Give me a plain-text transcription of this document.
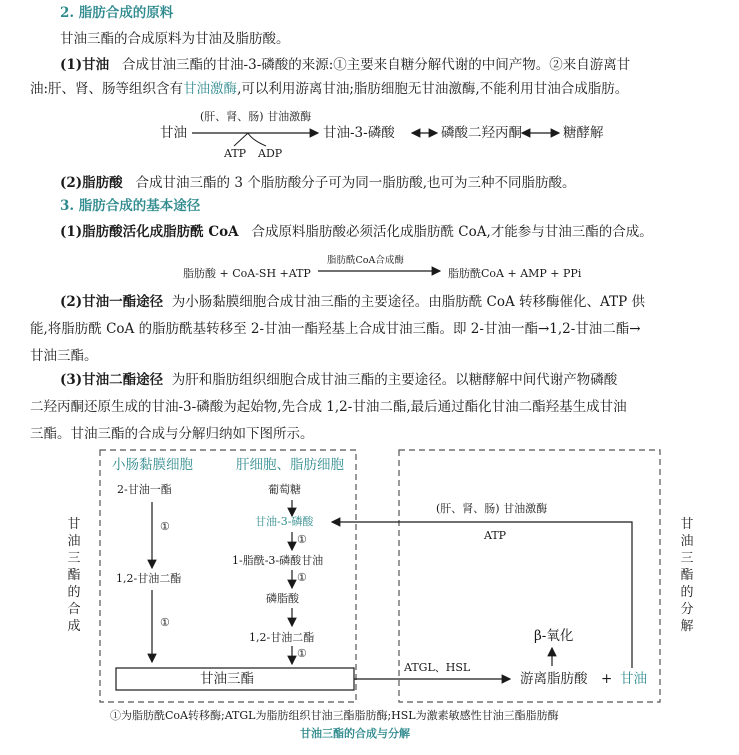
2. 脂肪合成的原料
甘油三酯的合成原料为甘油及脂肪酸。
(1)甘油 合成甘油三酯的甘油-3-磷酸的来源:①主要来自糖分解代谢的中间产物。②来自游离甘
油:肝、肾、肠等组织含有甘油激酶,可以利用游离甘油;脂肪细胞无甘油激酶,不能利用甘油合成脂肪。
甘油
(肝、肾、肠) 甘油激酶
ATP ADP
甘油-3-磷酸	磷酸二羟丙酮	糖酵解
(2)脂肪酸 合成甘油三酯的 3 个脂肪酸分子可为同一脂肪酸,也可为三种不同脂肪酸。
3. 脂肪合成的基本途径
(1)脂肪酸活化成脂肪酰 CoA 合成原料脂肪酸必须活化成脂肪酰 CoA,才能参与甘油三酯的合成。
脂肪酸 + CoA-SH +ATP
脂肪酰CoA合成酶
脂肪酰CoA + AMP + PPi
(2)甘油一酯途径 为小肠黏膜细胞合成甘油三酯的主要途径。由脂肪酰 CoA 转移酶催化、ATP 供
能,将脂肪酰 CoA 的脂肪酰基转移至 2-甘油一酯羟基上合成甘油三酯。即 2-甘油一酯→1,2-甘油二酯→
甘油三酯。
(3)甘油二酯途径 为肝和脂肪组织细胞合成甘油三酯的主要途径。以糖酵解中间代谢产物磷酸
二羟丙酮还原生成的甘油-3-磷酸为起始物,先合成 1,2-甘油二酯,最后通过酯化甘油二酯羟基生成甘油
三酯。甘油三酯的合成与分解归纳如下图所示。
甘油三酯的合成
甘油三酯的分解
小肠黏膜细胞	肝细胞、脂肪细胞
2-甘油一酯
①
1,2-甘油二酯
①
葡萄糖
甘油-3-磷酸
①
1-脂酰-3-磷酸甘油
①
磷脂酸
1,2-甘油二酯
①
甘油三酯
(肝、肾、肠) 甘油激酶
ATP
ATGL、HSL
β-氧化
游离脂肪酸 + 甘油
①为脂肪酰CoA转移酶;ATGL为脂肪组织甘油三酯脂肪酶;HSL为激素敏感性甘油三酯脂肪酶
甘油三酯的合成与分解
